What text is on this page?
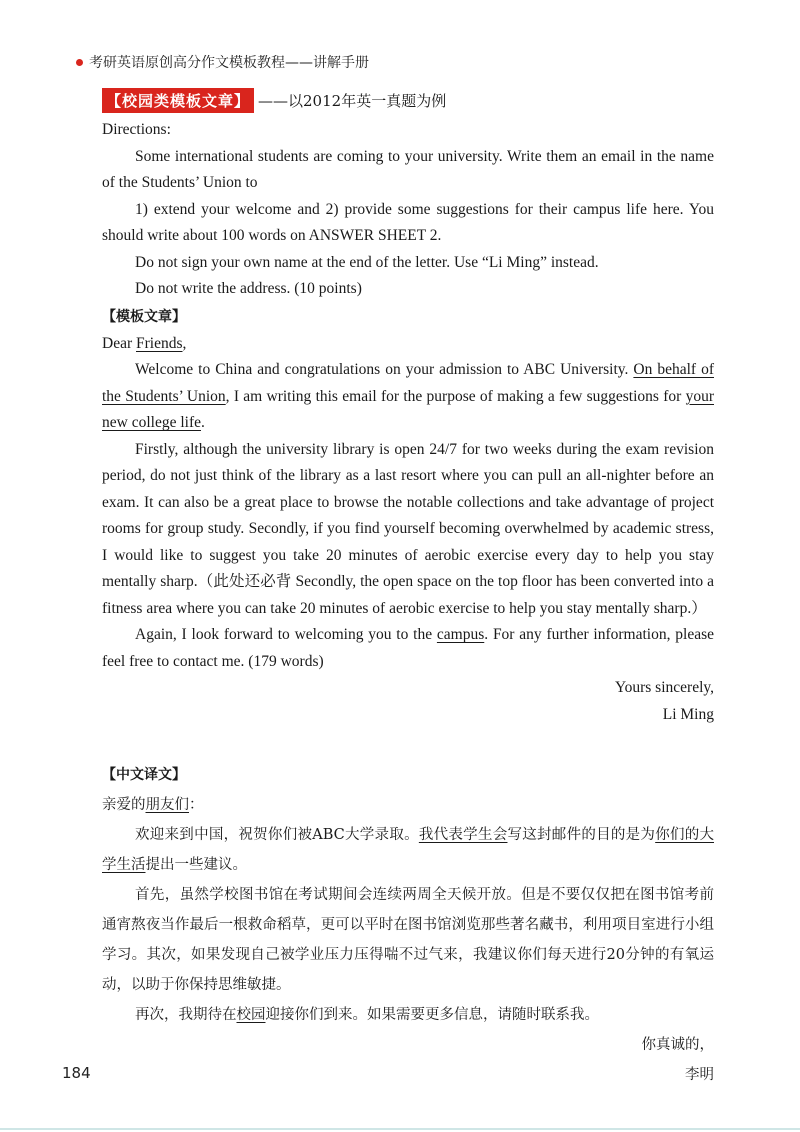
考研英语原创高分作文模板教程——讲解手册
【校园类模板文章】 ——以2012年英一真题为例

Directions:

Some international students are coming to your university. Write them an email in the name of the Students’ Union to

1) extend your welcome and 2) provide some suggestions for their campus life here. You should write about 100 words on ANSWER SHEET 2.

Do not sign your own name at the end of the letter. Use “Li Ming” instead.

Do not write the address. (10 points)

【模板文章】

Dear Friends,

Welcome to China and congratulations on your admission to ABC University. On behalf of the Students’ Union, I am writing this email for the purpose of making a few suggestions for your new college life.

Firstly, although the university library is open 24/7 for two weeks during the exam revision period, do not just think of the library as a last resort where you can pull an all-nighter before an exam. It can also be a great place to browse the notable collections and take advantage of project rooms for group study. Secondly, if you find yourself becoming overwhelmed by academic stress, I would like to suggest you take 20 minutes of aerobic exercise every day to help you stay mentally sharp.（此处还必背 Secondly, the open space on the top floor has been converted into a fitness area where you can take 20 minutes of aerobic exercise to help you stay mentally sharp.）

Again, I look forward to welcoming you to the campus. For any further information, please feel free to contact me. (179 words)

Yours sincerely,

Li Ming

【中文译文】

亲爱的朋友们：

欢迎来到中国，祝贺你们被ABC大学录取。我代表学生会写这封邮件的目的是为你们的大学生活提出一些建议。

首先，虽然学校图书馆在考试期间会连续两周全天候开放。但是不要仅仅把在图书馆考前通宵熬夜当作最后一根救命稻草，更可以平时在图书馆浏览那些著名藏书，利用项目室进行小组学习。其次，如果发现自己被学业压力压得喘不过气来，我建议你们每天进行20分钟的有氧运动，以助于你保持思维敏捷。

再次，我期待在校园迎接你们到来。如果需要更多信息，请随时联系我。

你真诚的，

李明

184
